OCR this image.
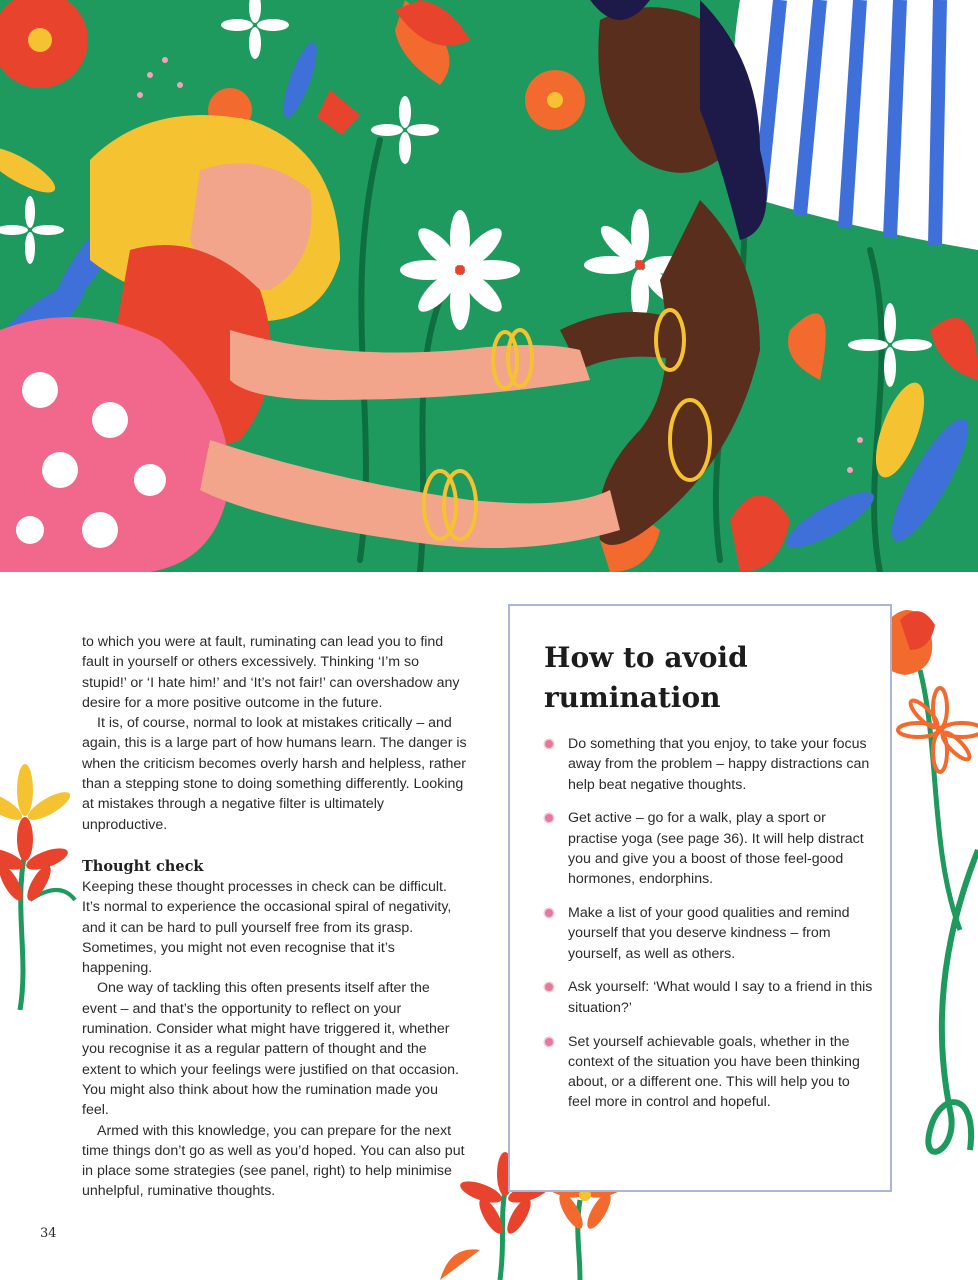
to which you were at fault, ruminating can lead you to find fault in yourself or others excessively. Thinking ‘I’m so stupid!’ or ‘I hate him!’ and ‘It’s not fair!’ can overshadow any desire for a more positive outcome in the future.

It is, of course, normal to look at mistakes critically – and again, this is a large part of how humans learn. The danger is when the criticism becomes overly harsh and helpless, rather than a stepping stone to doing something differently. Looking at mistakes through a negative filter is ultimately unproductive.

Thought check

Keeping these thought processes in check can be difficult. It’s normal to experience the occasional spiral of negativity, and it can be hard to pull yourself free from its grasp. Sometimes, you might not even recognise that it’s happening.

One way of tackling this often presents itself after the event – and that’s the opportunity to reflect on your rumination. Consider what might have triggered it, whether you recognise it as a regular pattern of thought and the extent to which your feelings were justified on that occasion. You might also think about how the rumination made you feel.

Armed with this knowledge, you can prepare for the next time things don’t go as well as you’d hoped. You can also put in place some strategies (see panel, right) to help minimise unhelpful, ruminative thoughts.

How to avoid rumination
Do something that you enjoy, to take your focus away from the problem – happy distractions can help beat negative thoughts.
Get active – go for a walk, play a sport or practise yoga (see page 36). It will help distract you and give you a boost of those feel-good hormones, endorphins.
Make a list of your good qualities and remind yourself that you deserve kindness – from yourself, as well as others.
Ask yourself: ‘What would I say to a friend in this situation?’
Set yourself achievable goals, whether in the context of the situation you have been thinking about, or a different one. This will help you to feel more in control and hopeful.
34
